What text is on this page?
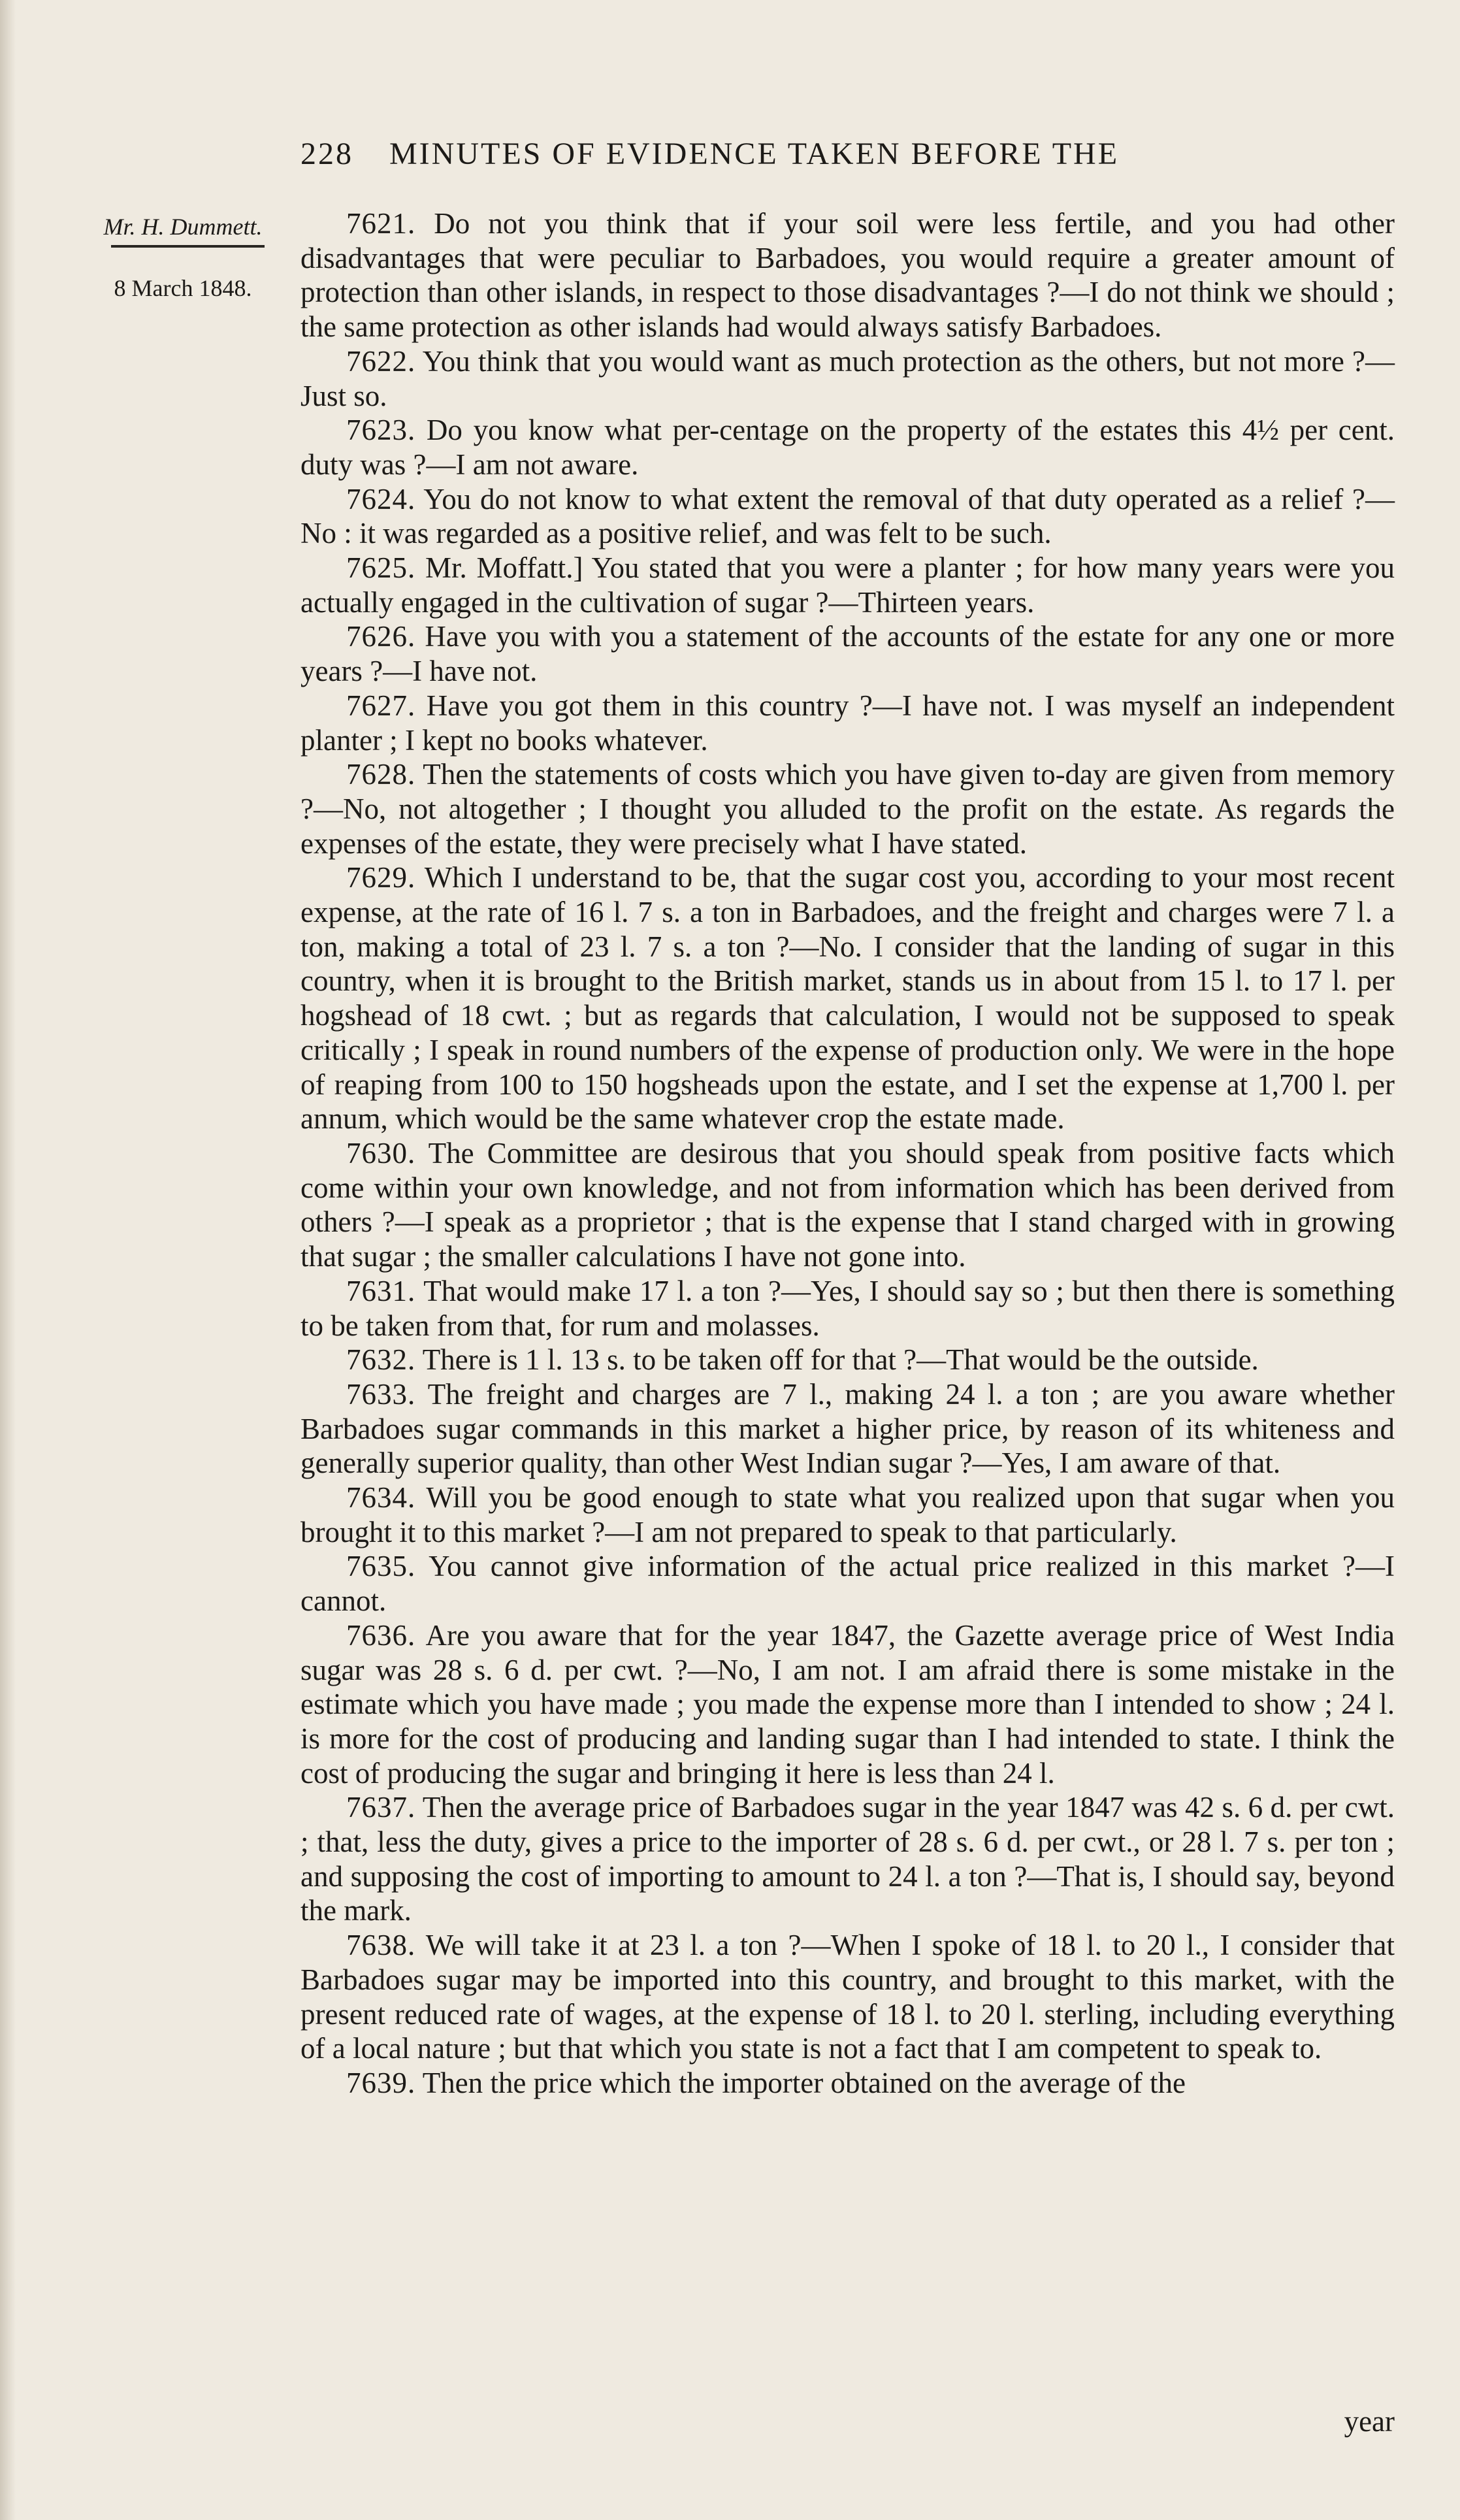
228 MINUTES OF EVIDENCE TAKEN BEFORE THE
Mr. H. Dummett.
8 March 1848.

7621. Do not you think that if your soil were less fertile, and you had other disadvantages that were peculiar to Barbadoes, you would require a greater amount of protection than other islands, in respect to those disadvantages ?—I do not think we should ; the same protection as other islands had would always satisfy Barbadoes.

7622. You think that you would want as much protection as the others, but not more ?—Just so.

7623. Do you know what per-centage on the property of the estates this 4½ per cent. duty was ?—I am not aware.

7624. You do not know to what extent the removal of that duty operated as a relief ?—No : it was regarded as a positive relief, and was felt to be such.

7625. Mr. Moffatt.] You stated that you were a planter ; for how many years were you actually engaged in the cultivation of sugar ?—Thirteen years.

7626. Have you with you a statement of the accounts of the estate for any one or more years ?—I have not.

7627. Have you got them in this country ?—I have not. I was myself an independent planter ; I kept no books whatever.

7628. Then the statements of costs which you have given to-day are given from memory ?—No, not altogether ; I thought you alluded to the profit on the estate. As regards the expenses of the estate, they were precisely what I have stated.

7629. Which I understand to be, that the sugar cost you, according to your most recent expense, at the rate of 16 l. 7 s. a ton in Barbadoes, and the freight and charges were 7 l. a ton, making a total of 23 l. 7 s. a ton ?—No. I consider that the landing of sugar in this country, when it is brought to the British market, stands us in about from 15 l. to 17 l. per hogshead of 18 cwt. ; but as regards that calculation, I would not be supposed to speak critically ; I speak in round numbers of the expense of production only. We were in the hope of reaping from 100 to 150 hogsheads upon the estate, and I set the expense at 1,700 l. per annum, which would be the same whatever crop the estate made.

7630. The Committee are desirous that you should speak from positive facts which come within your own knowledge, and not from information which has been derived from others ?—I speak as a proprietor ; that is the expense that I stand charged with in growing that sugar ; the smaller calculations I have not gone into.

7631. That would make 17 l. a ton ?—Yes, I should say so ; but then there is something to be taken from that, for rum and molasses.

7632. There is 1 l. 13 s. to be taken off for that ?—That would be the outside.

7633. The freight and charges are 7 l., making 24 l. a ton ; are you aware whether Barbadoes sugar commands in this market a higher price, by reason of its whiteness and generally superior quality, than other West Indian sugar ?—Yes, I am aware of that.

7634. Will you be good enough to state what you realized upon that sugar when you brought it to this market ?—I am not prepared to speak to that particularly.

7635. You cannot give information of the actual price realized in this market ?—I cannot.

7636. Are you aware that for the year 1847, the Gazette average price of West India sugar was 28 s. 6 d. per cwt. ?—No, I am not. I am afraid there is some mistake in the estimate which you have made ; you made the expense more than I intended to show ; 24 l. is more for the cost of producing and landing sugar than I had intended to state. I think the cost of producing the sugar and bringing it here is less than 24 l.

7637. Then the average price of Barbadoes sugar in the year 1847 was 42 s. 6 d. per cwt. ; that, less the duty, gives a price to the importer of 28 s. 6 d. per cwt., or 28 l. 7 s. per ton ; and supposing the cost of importing to amount to 24 l. a ton ?—That is, I should say, beyond the mark.

7638. We will take it at 23 l. a ton ?—When I spoke of 18 l. to 20 l., I consider that Barbadoes sugar may be imported into this country, and brought to this market, with the present reduced rate of wages, at the expense of 18 l. to 20 l. sterling, including everything of a local nature ; but that which you state is not a fact that I am competent to speak to.

7639. Then the price which the importer obtained on the average of the

year
